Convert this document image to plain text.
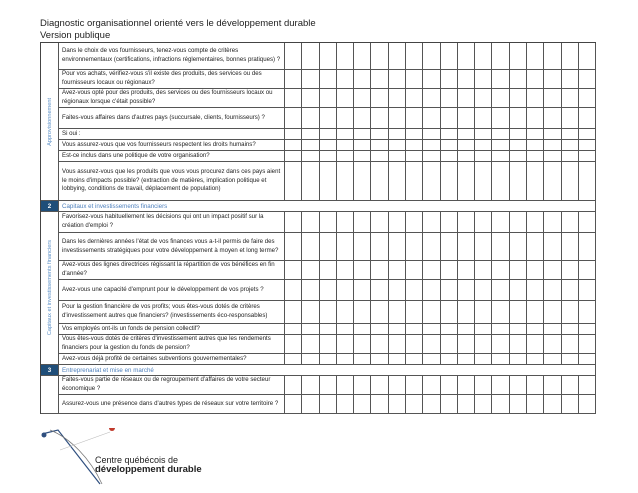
Diagnostic organisationnel orienté vers le développement durable
Version publique
Approvisionnement
Dans le choix de vos fournisseurs, tenez-vous compte de critères environnementaux (certifications, infractions réglementaires, bonnes pratiques) ?
Pour vos achats, vérifiez-vous s'il existe des produits, des services ou des fournisseurs locaux ou régionaux?
Avez-vous opté pour des produits, des services ou des fournisseurs locaux ou régionaux lorsque c'était possible?
Faites-vous affaires dans d'autres pays (succursale, clients, fournisseurs) ?
Si oui :
Vous assurez-vous que vos fournisseurs respectent les droits humains?
Est-ce inclus dans une politique de votre organisation?
Vous assurez-vous que les produits que vous vous procurez dans ces pays aient le moins d'impacts possible? (extraction de matières, implication politique et lobbying, conditions de travail, déplacement de population)
2	Capitaux et investissements financiers
Capitaux et investissements financiers
Favorisez-vous habituellement les décisions qui ont un impact positif sur la création d'emploi ?
Dans les dernières années l'état de vos finances vous a-t-il permis de faire des investissements stratégiques pour votre développement à moyen et long terme?
Avez-vous des lignes directrices régissant la répartition de vos bénéfices en fin d'année?
Avez-vous une capacité d'emprunt pour le développement de vos projets ?
Pour la gestion financière de vos profits; vous êtes-vous dotés de critères d'investissement autres que financiers? (investissements éco-responsables)
Vos employés ont-ils un fonds de pension collectif?
Vous êtes-vous dotés de critères d'investissement autres que les rendements financiers pour la gestion du fonds de pension?
Avez-vous déjà profité de certaines subventions gouvernementales?
3	Entreprenariat et mise en marché
Faites-vous partie de réseaux ou de regroupement d'affaires de votre secteur économique ?
Assurez-vous une présence dans d'autres types de réseaux sur votre territoire ?
Centre québécois de
développement durable
